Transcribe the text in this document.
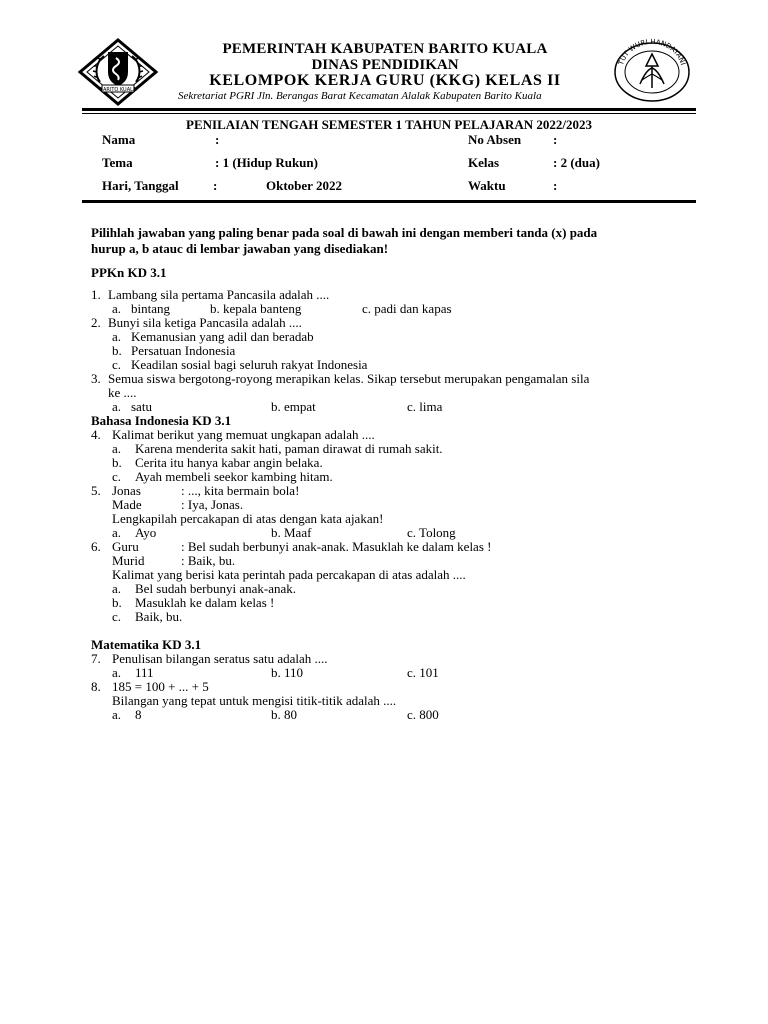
BARITO KUALA
TUT WURI HANDAYANI
PEMERINTAH KABUPATEN BARITO KUALA
DINAS PENDIDIKAN
KELOMPOK KERJA GURU (KKG) KELAS II
Sekretariat PGRI Jln. Berangas Barat Kecamatan Alalak Kabupaten Barito Kuala
PENILAIAN TENGAH SEMESTER 1 TAHUN PELAJARAN 2022/2023
Nama	:	No Absen :
Tema	: 1 (Hidup Rukun)	Kelas	: 2 (dua)
Hari, Tanggal	:	Oktober 2022	Waktu	:
Pilihlah jawaban yang paling benar pada soal di bawah ini dengan memberi tanda (x) pada
hurup a, b atauc di lembar jawaban yang disediakan!
PPKn KD 3.1
1. Lambang sila pertama Pancasila adalah ....
a. bintang	b. kepala banteng	c. padi dan kapas
2. Bunyi sila ketiga Pancasila adalah ....
a. Kemanusian yang adil dan beradab
b. Persatuan Indonesia
c. Keadilan sosial bagi seluruh rakyat Indonesia
3. Semua siswa bergotong-royong merapikan kelas. Sikap tersebut merupakan pengamalan sila
ke ....
a. satu	b. empat	c. lima
Bahasa Indonesia KD 3.1
4. Kalimat berikut yang memuat ungkapan adalah ....
a. Karena menderita sakit hati, paman dirawat di rumah sakit.
b. Cerita itu hanya kabar angin belaka.
c. Ayah membeli seekor kambing hitam.
5. Jonas	: ..., kita bermain bola!
Made	: Iya, Jonas.
Lengkapilah percakapan di atas dengan kata ajakan!
a. Ayo	b. Maaf	c. Tolong
6. Guru	: Bel sudah berbunyi anak-anak. Masuklah ke dalam kelas !
Murid	: Baik, bu.
Kalimat yang berisi kata perintah pada percakapan di atas adalah ....
a. Bel sudah berbunyi anak-anak.
b. Masuklah ke dalam kelas !
c. Baik, bu.
Matematika KD 3.1
7. Penulisan bilangan seratus satu adalah ....
a. 111	b. 110	c. 101
8. 185 = 100 + ... + 5
Bilangan yang tepat untuk mengisi titik-titik adalah ....
a. 8	b. 80	c. 800
